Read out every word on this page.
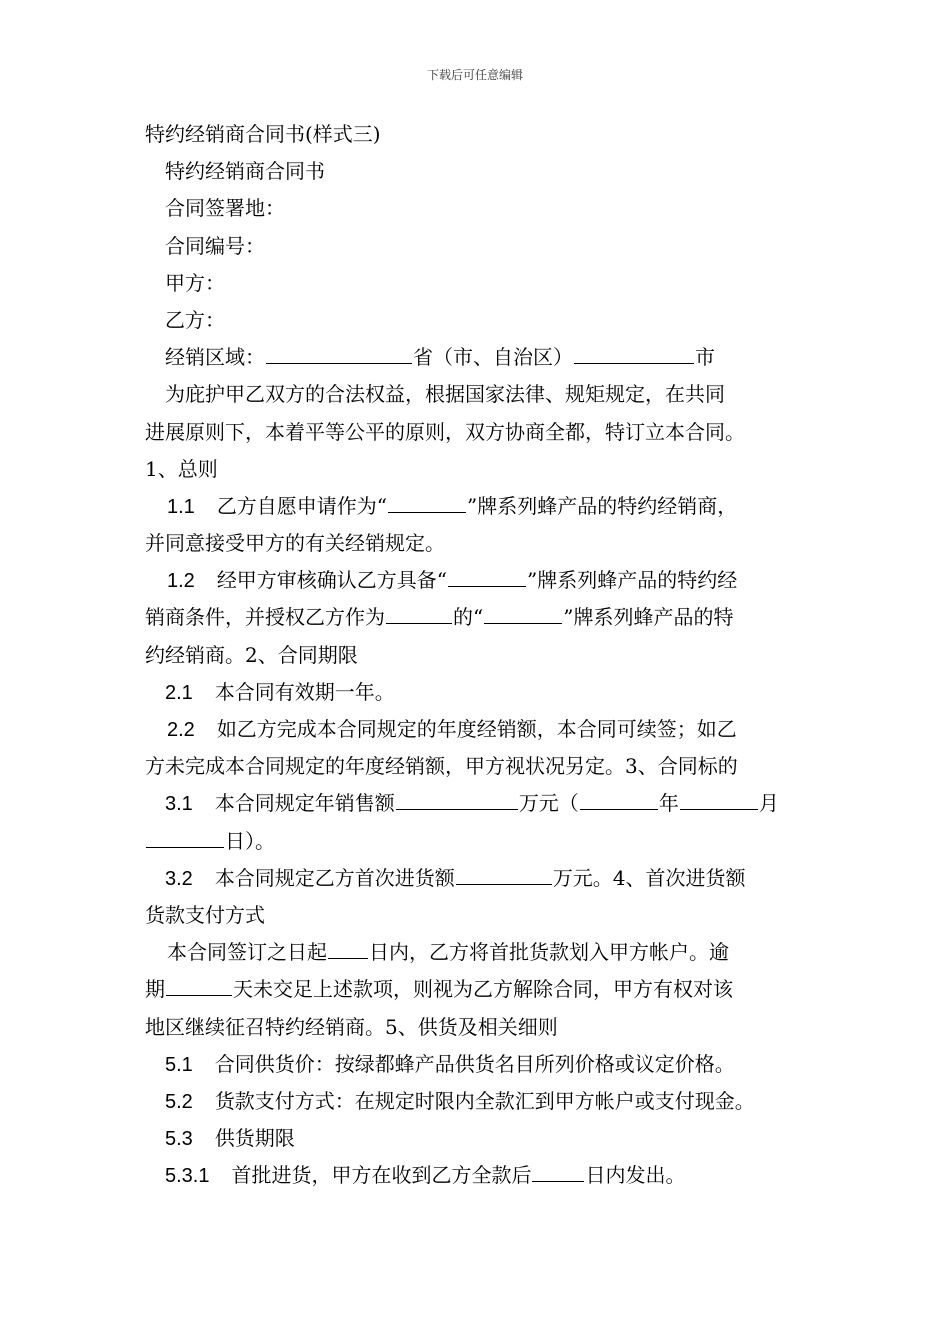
下载后可任意编辑
特约经销商合同书(样式三)
特约经销商合同书
合同签署地：
合同编号：
甲方：
乙方：
经销区域：	省（市、自治区）	市
为庇护甲乙双方的合法权益，根据国家法律、规矩规定，在共同
进展原则下，本着平等公平的原则，双方协商全都，特订立本合同。
1、总则
1.1 乙方自愿申请作为“	”牌系列蜂产品的特约经销商，
并同意接受甲方的有关经销规定。
1.2 经甲方审核确认乙方具备“	”牌系列蜂产品的特约经
销商条件，并授权乙方作为	的“	”牌系列蜂产品的特
约经销商。2、合同期限
2.1 本合同有效期一年。
2.2 如乙方完成本合同规定的年度经销额，本合同可续签；如乙
方未完成本合同规定的年度经销额，甲方视状况另定。3、合同标的
3.1 本合同规定年销售额	万元（	年	月
日）。
3.2 本合同规定乙方首次进货额	万元。4、首次进货额
货款支付方式
本合同签订之日起 日内，乙方将首批货款划入甲方帐户。逾
期	天未交足上述款项，则视为乙方解除合同，甲方有权对该
地区继续征召特约经销商。5、供货及相关细则
5.1 合同供货价：按绿都蜂产品供货名目所列价格或议定价格。
5.2 货款支付方式：在规定时限内全款汇到甲方帐户或支付现金。
5.3 供货期限
5.3.1 首批进货，甲方在收到乙方全款后	日内发出。
